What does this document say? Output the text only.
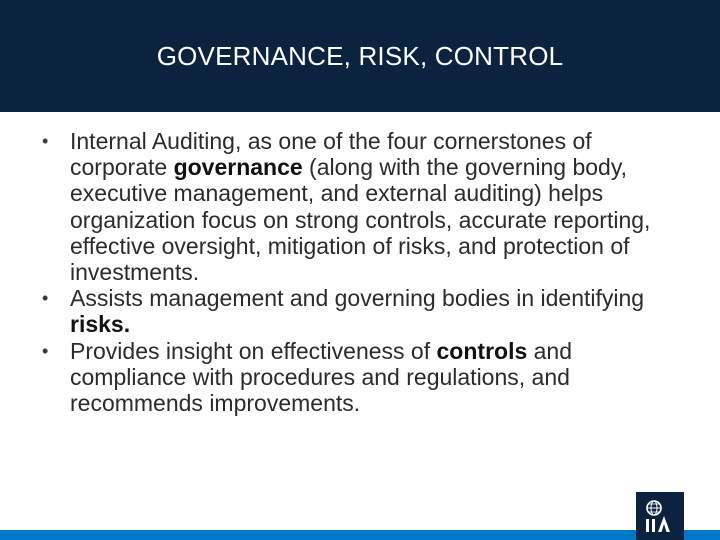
GOVERNANCE, RISK, CONTROL
• Internal Auditing, as one of the four cornerstones of corporate governance (along with the governing body, executive management, and external auditing) helps organization focus on strong controls, accurate reporting, effective oversight, mitigation of risks, and protection of investments.
• Assists management and governing bodies in identifying risks.
• Provides insight on effectiveness of controls and compliance with procedures and regulations, and recommends improvements.
